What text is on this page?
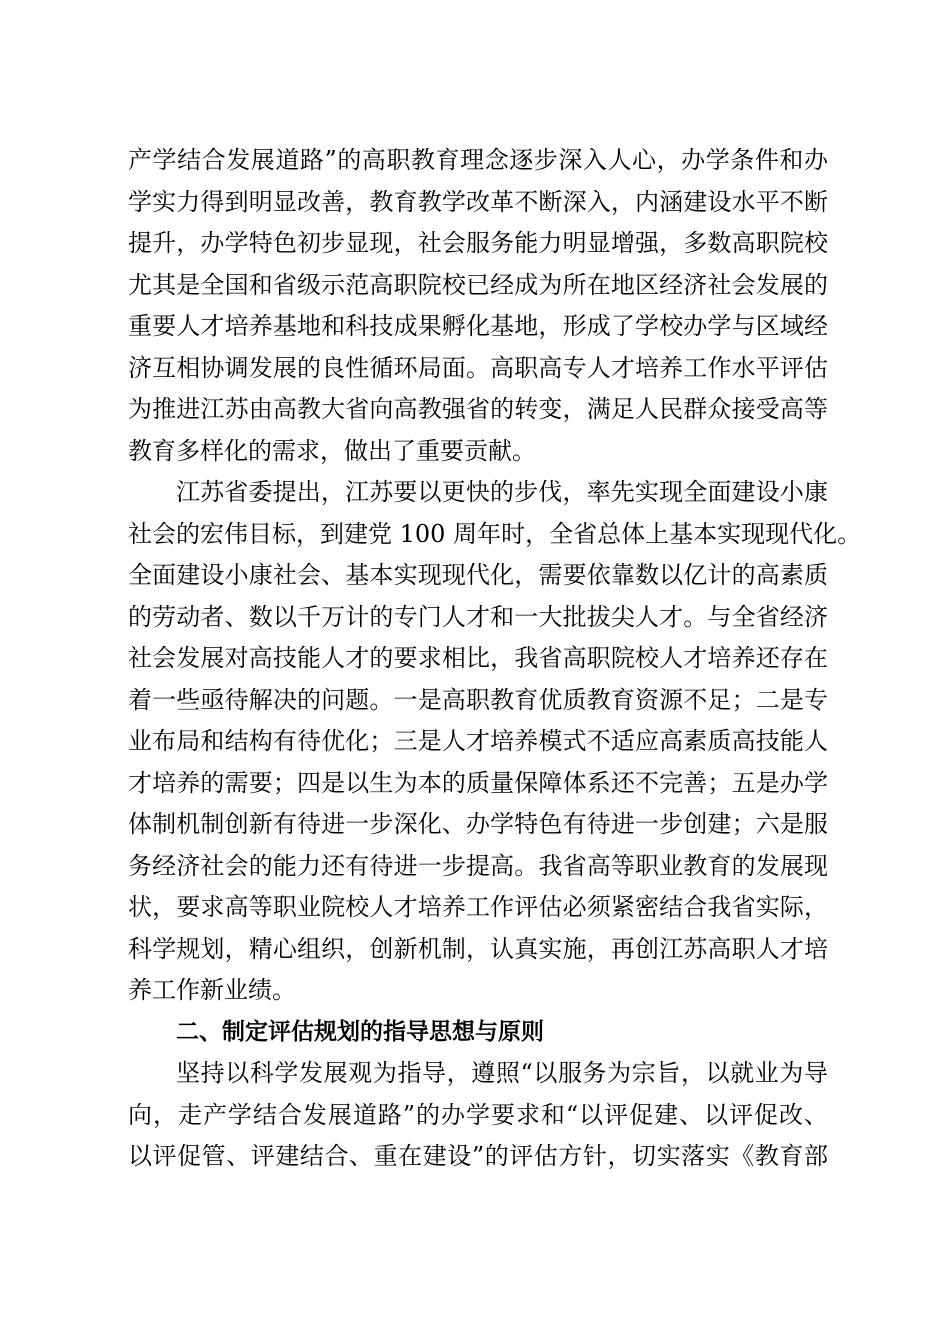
产学结合发展道路”的高职教育理念逐步深入人心，办学条件和办
学实力得到明显改善，教育教学改革不断深入，内涵建设水平不断
提升，办学特色初步显现，社会服务能力明显增强，多数高职院校
尤其是全国和省级示范高职院校已经成为所在地区经济社会发展的
重要人才培养基地和科技成果孵化基地，形成了学校办学与区域经
济互相协调发展的良性循环局面。高职高专人才培养工作水平评估
为推进江苏由高教大省向高教强省的转变，满足人民群众接受高等
教育多样化的需求，做出了重要贡献。

江苏省委提出，江苏要以更快的步伐，率先实现全面建设小康
社会的宏伟目标，到建党 100 周年时，全省总体上基本实现现代化。
全面建设小康社会、基本实现现代化，需要依靠数以亿计的高素质
的劳动者、数以千万计的专门人才和一大批拔尖人才。与全省经济
社会发展对高技能人才的要求相比，我省高职院校人才培养还存在
着一些亟待解决的问题。一是高职教育优质教育资源不足；二是专
业布局和结构有待优化；三是人才培养模式不适应高素质高技能人
才培养的需要；四是以生为本的质量保障体系还不完善；五是办学
体制机制创新有待进一步深化、办学特色有待进一步创建；六是服
务经济社会的能力还有待进一步提高。我省高等职业教育的发展现
状，要求高等职业院校人才培养工作评估必须紧密结合我省实际，
科学规划，精心组织，创新机制，认真实施，再创江苏高职人才培
养工作新业绩。

二、制定评估规划的指导思想与原则

坚持以科学发展观为指导，遵照“以服务为宗旨，以就业为导
向，走产学结合发展道路”的办学要求和“以评促建、以评促改、
以评促管、评建结合、重在建设”的评估方针，切实落实《教育部
